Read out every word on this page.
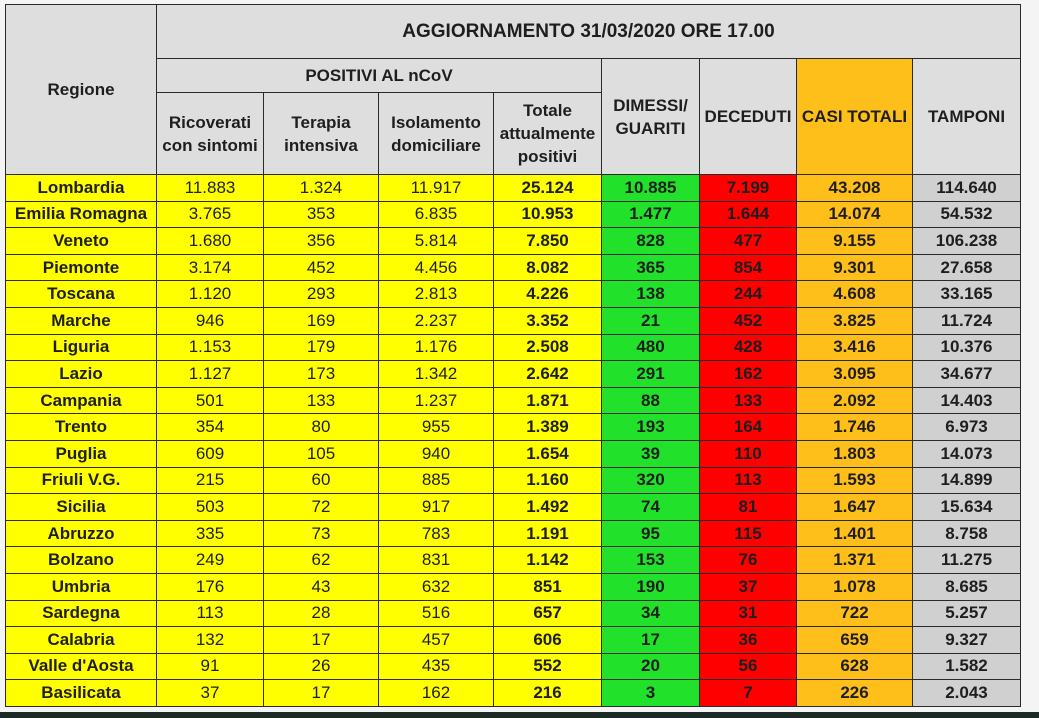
Regione	AGGIORNAMENTO 31/03/2020 ORE 17.00							
	POSITIVI AL nCoV				DIMESSI/ GUARITI	DECEDUTI	CASI TOTALI	TAMPONI
	Ricoverati con sintomi	Terapia intensiva	Isolamento domiciliare	Totale attualmente positivi				
Lombardia	11.883	1.324	11.917	25.124	10.885	7.199	43.208	114.640
Emilia Romagna	3.765	353	6.835	10.953	1.477	1.644	14.074	54.532
Veneto	1.680	356	5.814	7.850	828	477	9.155	106.238
Piemonte	3.174	452	4.456	8.082	365	854	9.301	27.658
Toscana	1.120	293	2.813	4.226	138	244	4.608	33.165
Marche	946	169	2.237	3.352	21	452	3.825	11.724
Liguria	1.153	179	1.176	2.508	480	428	3.416	10.376
Lazio	1.127	173	1.342	2.642	291	162	3.095	34.677
Campania	501	133	1.237	1.871	88	133	2.092	14.403
Trento	354	80	955	1.389	193	164	1.746	6.973
Puglia	609	105	940	1.654	39	110	1.803	14.073
Friuli V.G.	215	60	885	1.160	320	113	1.593	14.899
Sicilia	503	72	917	1.492	74	81	1.647	15.634
Abruzzo	335	73	783	1.191	95	115	1.401	8.758
Bolzano	249	62	831	1.142	153	76	1.371	11.275
Umbria	176	43	632	851	190	37	1.078	8.685
Sardegna	113	28	516	657	34	31	722	5.257
Calabria	132	17	457	606	17	36	659	9.327
Valle d'Aosta	91	26	435	552	20	56	628	1.582
Basilicata	37	17	162	216	3	7	226	2.043
